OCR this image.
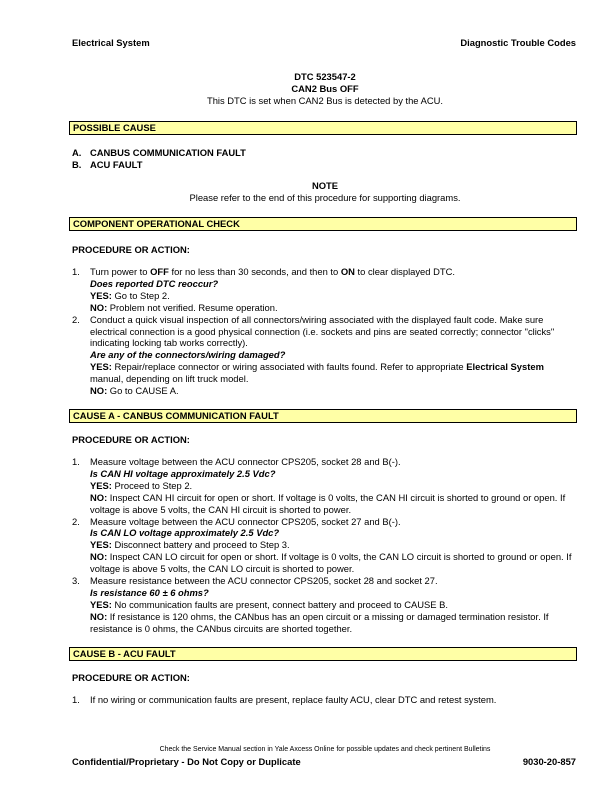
Electrical System	Diagnostic Trouble Codes
DTC 523547-2
CAN2 Bus OFF
This DTC is set when CAN2 Bus is detected by the ACU.
POSSIBLE CAUSE
A. CANBUS COMMUNICATION FAULT
B. ACU FAULT
NOTE
Please refer to the end of this procedure for supporting diagrams.
COMPONENT OPERATIONAL CHECK
PROCEDURE OR ACTION:
1. Turn power to OFF for no less than 30 seconds, and then to ON to clear displayed DTC.
Does reported DTC reoccur?
YES: Go to Step 2.
NO: Problem not verified. Resume operation.
2. Conduct a quick visual inspection of all connectors/wiring associated with the displayed fault code. Make sure electrical connection is a good physical connection (i.e. sockets and pins are seated correctly; connector "clicks" indicating locking tab works correctly).
Are any of the connectors/wiring damaged?
YES: Repair/replace connector or wiring associated with faults found. Refer to appropriate Electrical System manual, depending on lift truck model.
NO: Go to CAUSE A.
CAUSE A - CANBUS COMMUNICATION FAULT
PROCEDURE OR ACTION:
1. Measure voltage between the ACU connector CPS205, socket 28 and B(-).
Is CAN HI voltage approximately 2.5 Vdc?
YES: Proceed to Step 2.
NO: Inspect CAN HI circuit for open or short. If voltage is 0 volts, the CAN HI circuit is shorted to ground or open. If voltage is above 5 volts, the CAN HI circuit is shorted to power.
2. Measure voltage between the ACU connector CPS205, socket 27 and B(-).
Is CAN LO voltage approximately 2.5 Vdc?
YES: Disconnect battery and proceed to Step 3.
NO: Inspect CAN LO circuit for open or short. If voltage is 0 volts, the CAN LO circuit is shorted to ground or open. If voltage is above 5 volts, the CAN LO circuit is shorted to power.
3. Measure resistance between the ACU connector CPS205, socket 28 and socket 27.
Is resistance 60 ± 6 ohms?
YES: No communication faults are present, connect battery and proceed to CAUSE B.
NO: If resistance is 120 ohms, the CANbus has an open circuit or a missing or damaged termination resistor. If resistance is 0 ohms, the CANbus circuits are shorted together.
CAUSE B - ACU FAULT
PROCEDURE OR ACTION:
1. If no wiring or communication faults are present, replace faulty ACU, clear DTC and retest system.
Check the Service Manual section in Yale Axcess Online for possible updates and check pertinent Bulletins
Confidential/Proprietary - Do Not Copy or Duplicate	9030-20-857
